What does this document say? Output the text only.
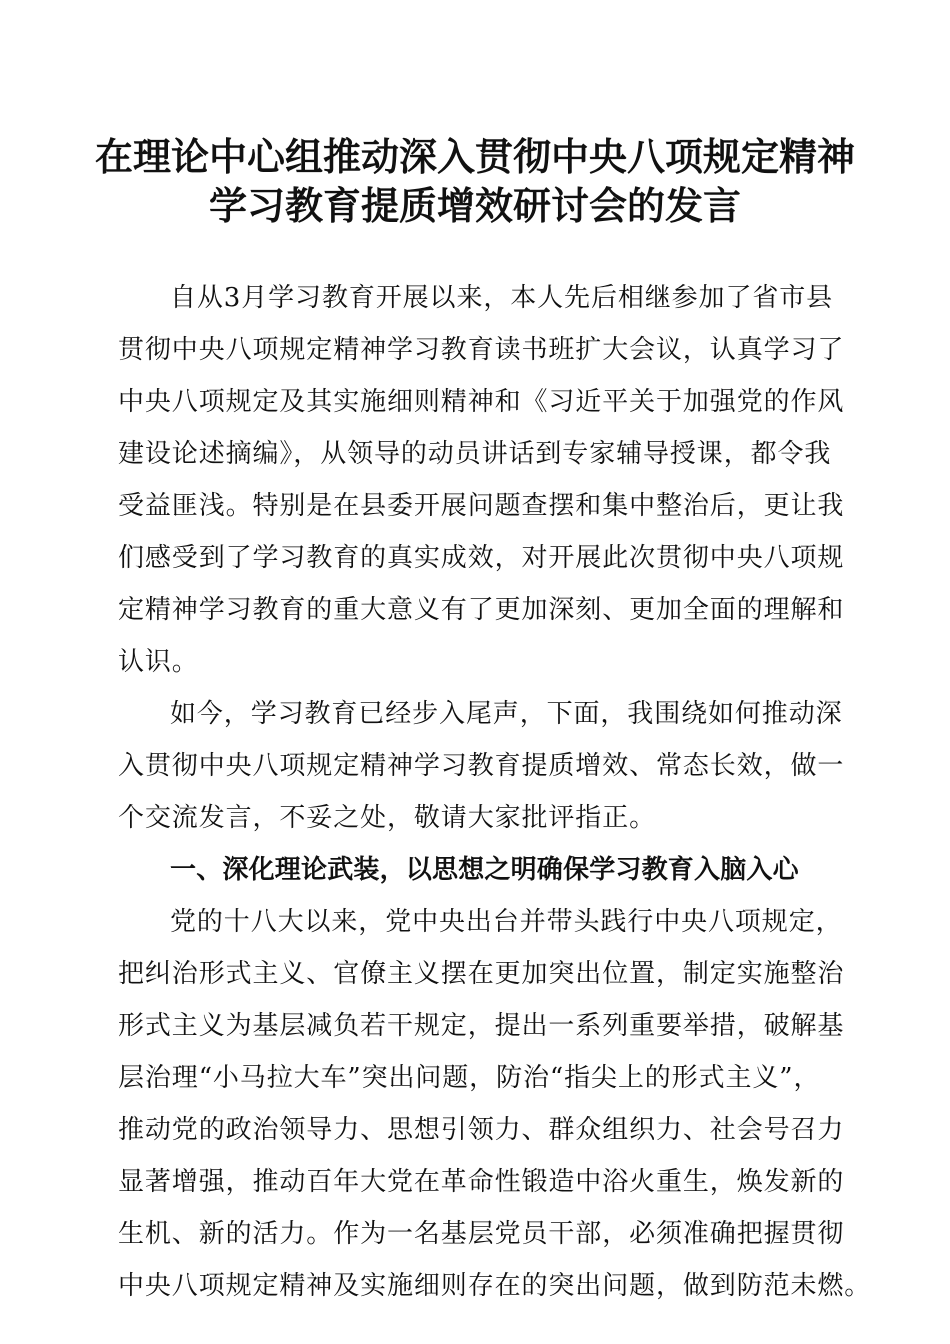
在理论中心组推动深入贯彻中央八项规定精神
学习教育提质增效研讨会的发言
自从3月学习教育开展以来，本人先后相继参加了省市县
贯彻中央八项规定精神学习教育读书班扩大会议，认真学习了
中央八项规定及其实施细则精神和《习近平关于加强党的作风
建设论述摘编》，从领导的动员讲话到专家辅导授课，都令我
受益匪浅。特别是在县委开展问题查摆和集中整治后，更让我
们感受到了学习教育的真实成效，对开展此次贯彻中央八项规
定精神学习教育的重大意义有了更加深刻、更加全面的理解和
认识。
如今，学习教育已经步入尾声，下面，我围绕如何推动深
入贯彻中央八项规定精神学习教育提质增效、常态长效，做一
个交流发言，不妥之处，敬请大家批评指正。
一、深化理论武装，以思想之明确保学习教育入脑入心
党的十八大以来，党中央出台并带头践行中央八项规定，
把纠治形式主义、官僚主义摆在更加突出位置，制定实施整治
形式主义为基层减负若干规定，提出一系列重要举措，破解基
层治理“小马拉大车”突出问题，防治“指尖上的形式主义”，
推动党的政治领导力、思想引领力、群众组织力、社会号召力
显著增强，推动百年大党在革命性锻造中浴火重生，焕发新的
生机、新的活力。作为一名基层党员干部，必须准确把握贯彻
中央八项规定精神及实施细则存在的突出问题，做到防范未燃。
